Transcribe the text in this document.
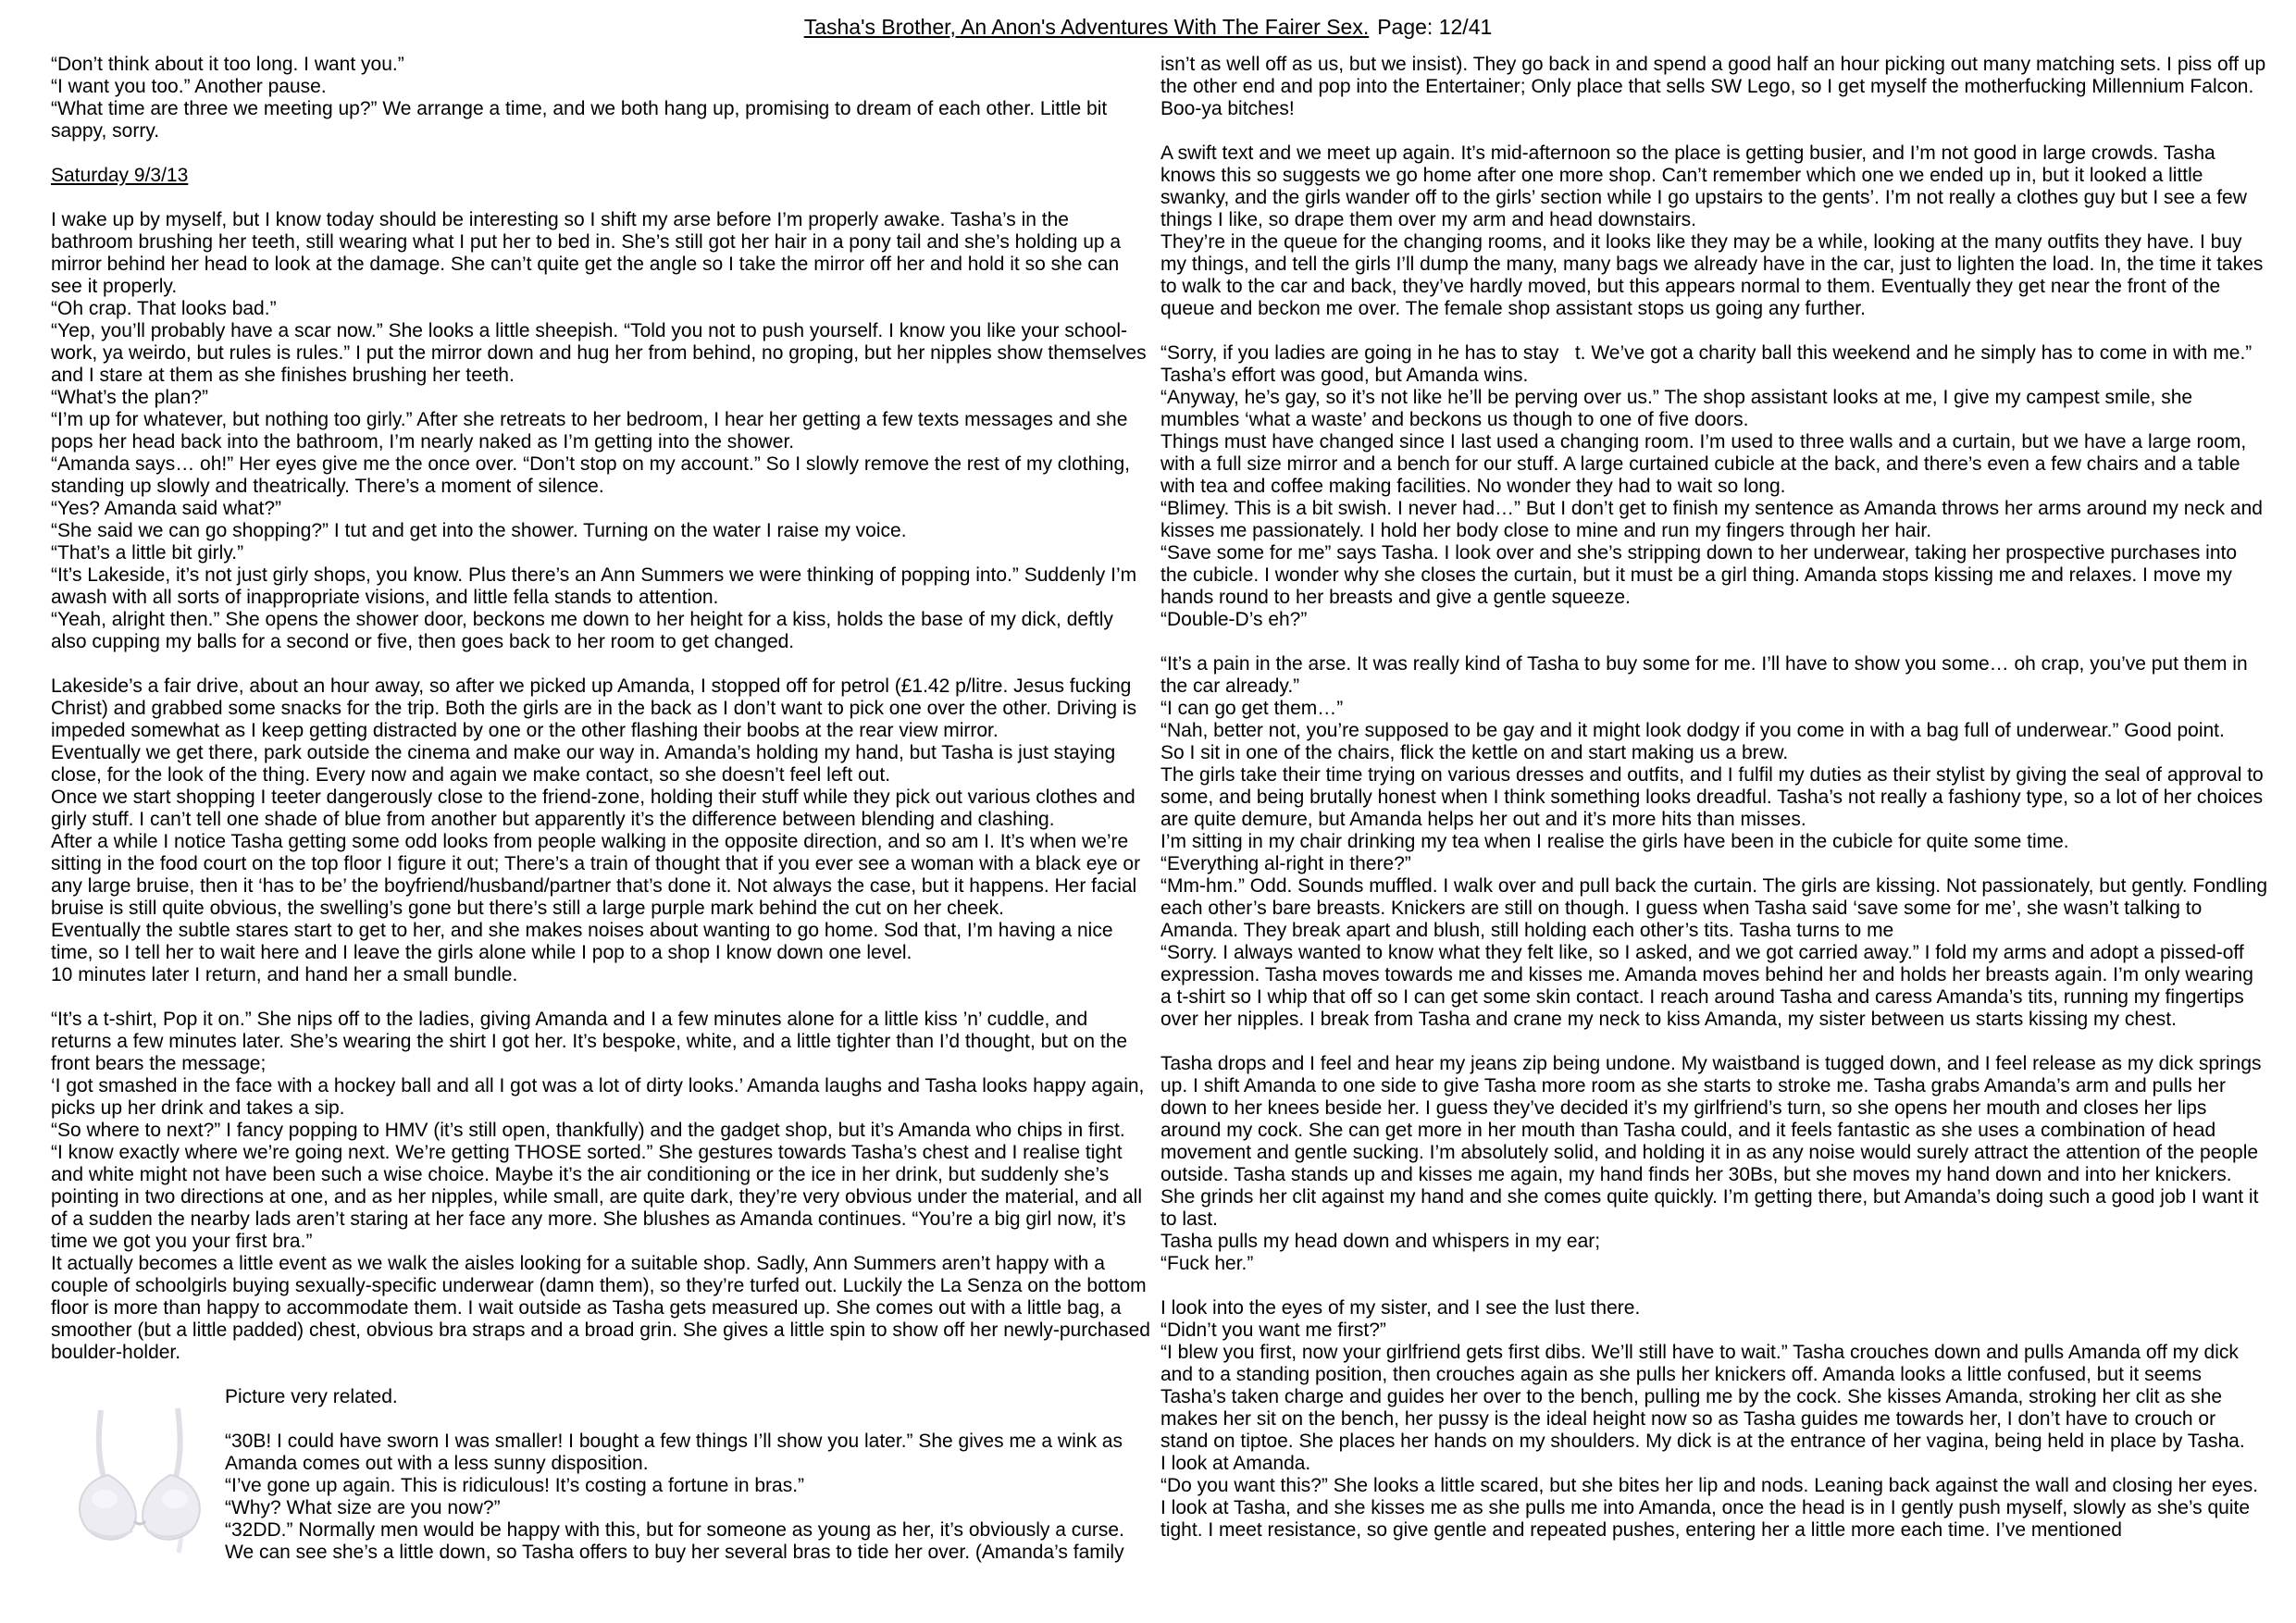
Tasha's Brother, An Anon's Adventures With The Fairer Sex. Page: 12/41
“Don’t think about it too long. I want you.”
“I want you too.” Another pause.
“What time are three we meeting up?” We arrange a time, and we both hang up, promising to dream of each other. Little bit sappy, sorry.
Saturday 9/3/13
I wake up by myself, but I know today should be interesting so I shift my arse before I’m properly awake. Tasha’s in the bathroom brushing her teeth, still wearing what I put her to bed in. She’s still got her hair in a pony tail and she’s holding up a mirror behind her head to look at the damage. She can’t quite get the angle so I take the mirror off her and hold it so she can see it properly.
“Oh crap. That looks bad.”
“Yep, you’ll probably have a scar now.” She looks a little sheepish. “Told you not to push yourself. I know you like your school-work, ya weirdo, but rules is rules.” I put the mirror down and hug her from behind, no groping, but her nipples show themselves and I stare at them as she finishes brushing her teeth.
“What’s the plan?”
“I’m up for whatever, but nothing too girly.” After she retreats to her bedroom, I hear her getting a few texts messages and she pops her head back into the bathroom, I’m nearly naked as I’m getting into the shower.
“Amanda says… oh!” Her eyes give me the once over. “Don’t stop on my account.” So I slowly remove the rest of my clothing, standing up slowly and theatrically. There’s a moment of silence.
“Yes? Amanda said what?”
“She said we can go shopping?” I tut and get into the shower. Turning on the water I raise my voice.
“That’s a little bit girly.”
“It’s Lakeside, it’s not just girly shops, you know. Plus there’s an Ann Summers we were thinking of popping into.” Suddenly I’m awash with all sorts of inappropriate visions, and little fella stands to attention.
“Yeah, alright then.” She opens the shower door, beckons me down to her height for a kiss, holds the base of my dick, deftly also cupping my balls for a second or five, then goes back to her room to get changed.
Lakeside’s a fair drive, about an hour away, so after we picked up Amanda, I stopped off for petrol (£1.42 p/litre. Jesus fucking Christ) and grabbed some snacks for the trip. Both the girls are in the back as I don’t want to pick one over the other. Driving is impeded somewhat as I keep getting distracted by one or the other flashing their boobs at the rear view mirror.
Eventually we get there, park outside the cinema and make our way in. Amanda’s holding my hand, but Tasha is just staying close, for the look of the thing. Every now and again we make contact, so she doesn’t feel left out.
Once we start shopping I teeter dangerously close to the friend-zone, holding their stuff while they pick out various clothes and girly stuff. I can’t tell one shade of blue from another but apparently it’s the difference between blending and clashing.
After a while I notice Tasha getting some odd looks from people walking in the opposite direction, and so am I. It’s when we’re sitting in the food court on the top floor I figure it out; There’s a train of thought that if you ever see a woman with a black eye or any large bruise, then it ‘has to be’ the boyfriend/husband/partner that’s done it. Not always the case, but it happens. Her facial bruise is still quite obvious, the swelling’s gone but there’s still a large purple mark behind the cut on her cheek.
Eventually the subtle stares start to get to her, and she makes noises about wanting to go home. Sod that, I’m having a nice time, so I tell her to wait here and I leave the girls alone while I pop to a shop I know down one level.
10 minutes later I return, and hand her a small bundle.
“It’s a t-shirt, Pop it on.” She nips off to the ladies, giving Amanda and I a few minutes alone for a little kiss ’n’ cuddle, and returns a few minutes later. She’s wearing the shirt I got her. It’s bespoke, white, and a little tighter than I’d thought, but on the front bears the message;
‘I got smashed in the face with a hockey ball and all I got was a lot of dirty looks.’ Amanda laughs and Tasha looks happy again, picks up her drink and takes a sip.
“So where to next?” I fancy popping to HMV (it’s still open, thankfully) and the gadget shop, but it’s Amanda who chips in first.
“I know exactly where we’re going next. We’re getting THOSE sorted.” She gestures towards Tasha’s chest and I realise tight and white might not have been such a wise choice. Maybe it’s the air conditioning or the ice in her drink, but suddenly she’s pointing in two directions at one, and as her nipples, while small, are quite dark, they’re very obvious under the material, and all of a sudden the nearby lads aren’t staring at her face any more. She blushes as Amanda continues. “You’re a big girl now, it’s time we got you your first bra.”
It actually becomes a little event as we walk the aisles looking for a suitable shop. Sadly, Ann Summers aren’t happy with a couple of schoolgirls buying sexually-specific underwear (damn them), so they’re turfed out. Luckily the La Senza on the bottom floor is more than happy to accommodate them. I wait outside as Tasha gets measured up. She comes out with a little bag, a smoother (but a little padded) chest, obvious bra straps and a broad grin. She gives a little spin to show off her newly-purchased boulder-holder.
Picture very related.
“30B! I could have sworn I was smaller! I bought a few things I’ll show you later.” She gives me a wink as Amanda comes out with a less sunny disposition.
“I’ve gone up again. This is ridiculous! It’s costing a fortune in bras.”
“Why? What size are you now?”
“32DD.” Normally men would be happy with this, but for someone as young as her, it’s obviously a curse. We can see she’s a little down, so Tasha offers to buy her several bras to tide her over. (Amanda’s family
isn’t as well off as us, but we insist). They go back in and spend a good half an hour picking out many matching sets. I piss off up the other end and pop into the Entertainer; Only place that sells SW Lego, so I get myself the motherfucking Millennium Falcon. Boo-ya bitches!
A swift text and we meet up again. It’s mid-afternoon so the place is getting busier, and I’m not good in large crowds. Tasha knows this so suggests we go home after one more shop. Can’t remember which one we ended up in, but it looked a little swanky, and the girls wander off to the girls’ section while I go upstairs to the gents’. I’m not really a clothes guy but I see a few things I like, so drape them over my arm and head downstairs.
They’re in the queue for the changing rooms, and it looks like they may be a while, looking at the many outfits they have. I buy my things, and tell the girls I’ll dump the many, many bags we already have in the car, just to lighten the load. In, the time it takes to walk to the car and back, they’ve hardly moved, but this appears normal to them. Eventually they get near the front of the queue and beckon me over. The female shop assistant stops us going any further.
“Sorry, if you ladies are going in he has to stay   t. We’ve got a charity ball this weekend and he simply has to come in with me.” Tasha’s effort was good, but Amanda wins.
“Anyway, he’s gay, so it’s not like he’ll be perving over us.” The shop assistant looks at me, I give my campest smile, she mumbles ‘what a waste’ and beckons us though to one of five doors.
Things must have changed since I last used a changing room. I’m used to three walls and a curtain, but we have a large room, with a full size mirror and a bench for our stuff. A large curtained cubicle at the back, and there’s even a few chairs and a table with tea and coffee making facilities. No wonder they had to wait so long.
“Blimey. This is a bit swish. I never had…” But I don’t get to finish my sentence as Amanda throws her arms around my neck and kisses me passionately. I hold her body close to mine and run my fingers through her hair.
“Save some for me” says Tasha. I look over and she’s stripping down to her underwear, taking her prospective purchases into the cubicle. I wonder why she closes the curtain, but it must be a girl thing. Amanda stops kissing me and relaxes. I move my hands round to her breasts and give a gentle squeeze.
“Double-D’s eh?”
“It’s a pain in the arse. It was really kind of Tasha to buy some for me. I’ll have to show you some… oh crap, you’ve put them in the car already.”
“I can go get them…”
“Nah, better not, you’re supposed to be gay and it might look dodgy if you come in with a bag full of underwear.” Good point.
So I sit in one of the chairs, flick the kettle on and start making us a brew.
The girls take their time trying on various dresses and outfits, and I fulfil my duties as their stylist by giving the seal of approval to some, and being brutally honest when I think something looks dreadful. Tasha’s not really a fashiony type, so a lot of her choices are quite demure, but Amanda helps her out and it’s more hits than misses.
I’m sitting in my chair drinking my tea when I realise the girls have been in the cubicle for quite some time.
“Everything al-right in there?”
“Mm-hm.” Odd. Sounds muffled. I walk over and pull back the curtain. The girls are kissing. Not passionately, but gently. Fondling each other’s bare breasts. Knickers are still on though. I guess when Tasha said ‘save some for me’, she wasn’t talking to Amanda. They break apart and blush, still holding each other’s tits. Tasha turns to me
“Sorry. I always wanted to know what they felt like, so I asked, and we got carried away.” I fold my arms and adopt a pissed-off expression. Tasha moves towards me and kisses me. Amanda moves behind her and holds her breasts again. I’m only wearing a t-shirt so I whip that off so I can get some skin contact. I reach around Tasha and caress Amanda’s tits, running my fingertips over her nipples. I break from Tasha and crane my neck to kiss Amanda, my sister between us starts kissing my chest.
Tasha drops and I feel and hear my jeans zip being undone. My waistband is tugged down, and I feel release as my dick springs up. I shift Amanda to one side to give Tasha more room as she starts to stroke me. Tasha grabs Amanda’s arm and pulls her down to her knees beside her. I guess they’ve decided it’s my girlfriend’s turn, so she opens her mouth and closes her lips around my cock. She can get more in her mouth than Tasha could, and it feels fantastic as she uses a combination of head movement and gentle sucking. I’m absolutely solid, and holding it in as any noise would surely attract the attention of the people outside. Tasha stands up and kisses me again, my hand finds her 30Bs, but she moves my hand down and into her knickers. She grinds her clit against my hand and she comes quite quickly. I’m getting there, but Amanda’s doing such a good job I want it to last.
Tasha pulls my head down and whispers in my ear;
“Fuck her.”
I look into the eyes of my sister, and I see the lust there.
“Didn’t you want me first?”
“I blew you first, now your girlfriend gets first dibs. We’ll still have to wait.” Tasha crouches down and pulls Amanda off my dick and to a standing position, then crouches again as she pulls her knickers off. Amanda looks a little confused, but it seems Tasha’s taken charge and guides her over to the bench, pulling me by the cock. She kisses Amanda, stroking her clit as she makes her sit on the bench, her pussy is the ideal height now so as Tasha guides me towards her, I don’t have to crouch or stand on tiptoe. She places her hands on my shoulders. My dick is at the entrance of her vagina, being held in place by Tasha.
I look at Amanda.
“Do you want this?” She looks a little scared, but she bites her lip and nods. Leaning back against the wall and closing her eyes. I look at Tasha, and she kisses me as she pulls me into Amanda, once the head is in I gently push myself, slowly as she’s quite tight. I meet resistance, so give gentle and repeated pushes, entering her a little more each time. I’ve mentioned
